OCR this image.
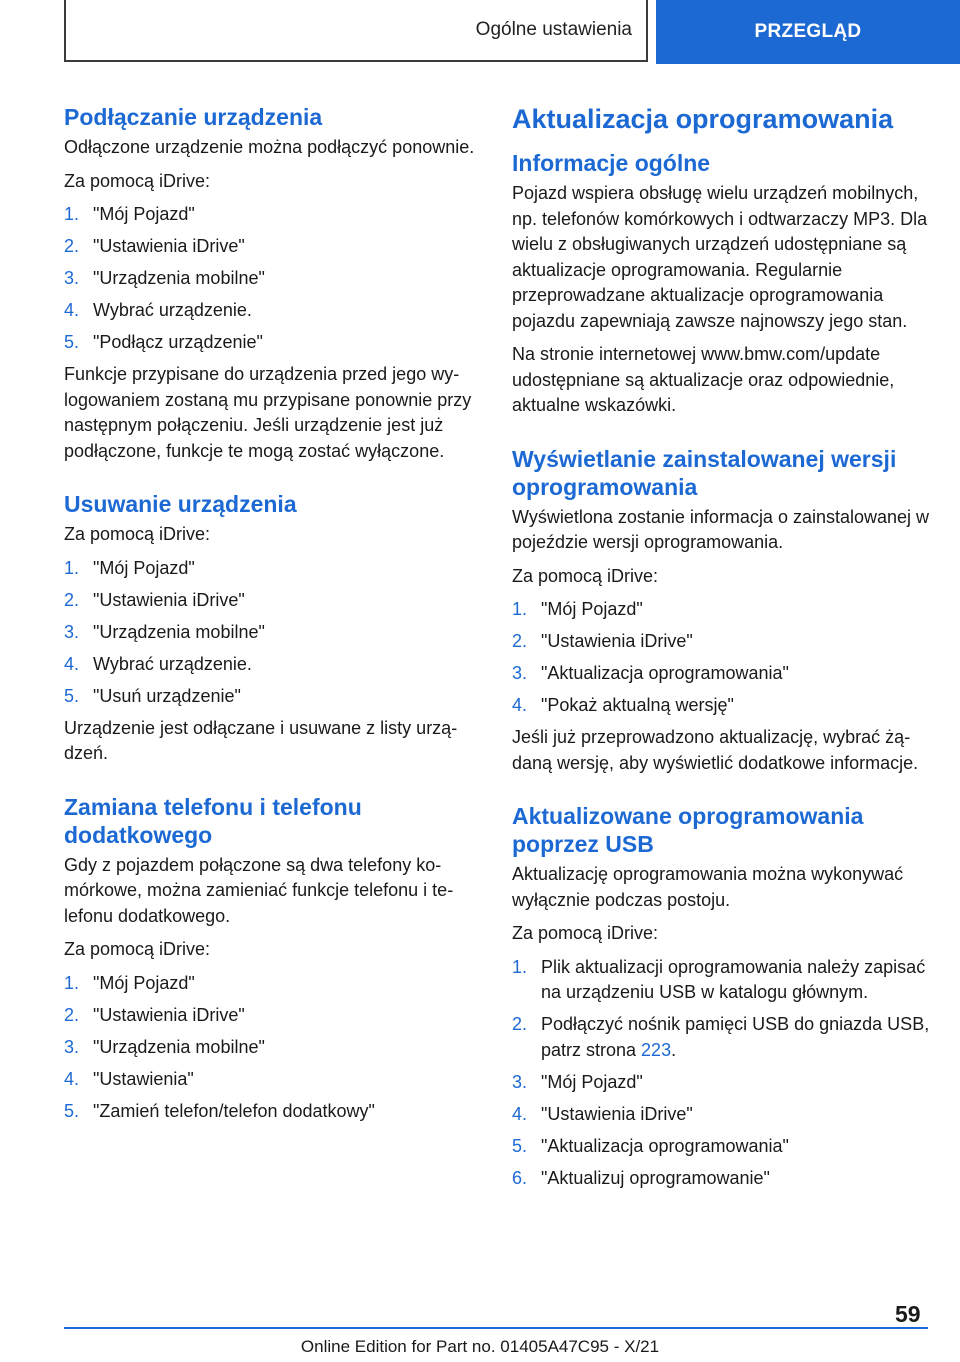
Ogólne ustawienia	PRZEGLĄD
Podłączanie urządzenia

Odłączone urządzenie można podłączyć ponownie.

Za pomocą iDrive:

1. "Mój Pojazd"
2. "Ustawienia iDrive"
3. "Urządzenia mobilne"
4. Wybrać urządzenie.
5. "Podłącz urządzenie"

Funkcje przypisane do urządzenia przed jego wylogowaniem zostaną mu przypisane ponownie przy następnym połączeniu. Jeśli urządzenie jest już podłączone, funkcje te mogą zostać wyłączone.

Usuwanie urządzenia

Za pomocą iDrive:

1. "Mój Pojazd"
2. "Ustawienia iDrive"
3. "Urządzenia mobilne"
4. Wybrać urządzenie.
5. "Usuń urządzenie"

Urządzenie jest odłączane i usuwane z listy urządzeń.

Zamiana telefonu i telefonu dodatkowego

Gdy z pojazdem połączone są dwa telefony komórkowe, można zamieniać funkcje telefonu i telefonu dodatkowego.

Za pomocą iDrive:

1. "Mój Pojazd"
2. "Ustawienia iDrive"
3. "Urządzenia mobilne"
4. "Ustawienia"
5. "Zamień telefon/telefon dodatkowy"
Aktualizacja oprogramowania
Informacje ogólne

Pojazd wspiera obsługę wielu urządzeń mobilnych, np. telefonów komórkowych i odtwarzaczy MP3. Dla wielu z obsługiwanych urządzeń udostępniane są aktualizacje oprogramowania. Regularnie przeprowadzane aktualizacje oprogramowania pojazdu zapewniają zawsze najnowszy jego stan.

Na stronie internetowej www.bmw.com/update udostępniane są aktualizacje oraz odpowiednie, aktualne wskazówki.

Wyświetlanie zainstalowanej wersji oprogramowania

Wyświetlona zostanie informacja o zainstalowanej w pojeździe wersji oprogramowania.

Za pomocą iDrive:

1. "Mój Pojazd"
2. "Ustawienia iDrive"
3. "Aktualizacja oprogramowania"
4. "Pokaż aktualną wersję"

Jeśli już przeprowadzono aktualizację, wybrać żądaną wersję, aby wyświetlić dodatkowe informacje.

Aktualizowane oprogramowania poprzez USB

Aktualizację oprogramowania można wykonywać wyłącznie podczas postoju.

Za pomocą iDrive:

1. Plik aktualizacji oprogramowania należy zapisać na urządzeniu USB w katalogu głównym.
2. Podłączyć nośnik pamięci USB do gniazda USB, patrz strona 223.
3. "Mój Pojazd"
4. "Ustawienia iDrive"
5. "Aktualizacja oprogramowania"
6. "Aktualizuj oprogramowanie"
59
Online Edition for Part no. 01405A47C95 - X/21
